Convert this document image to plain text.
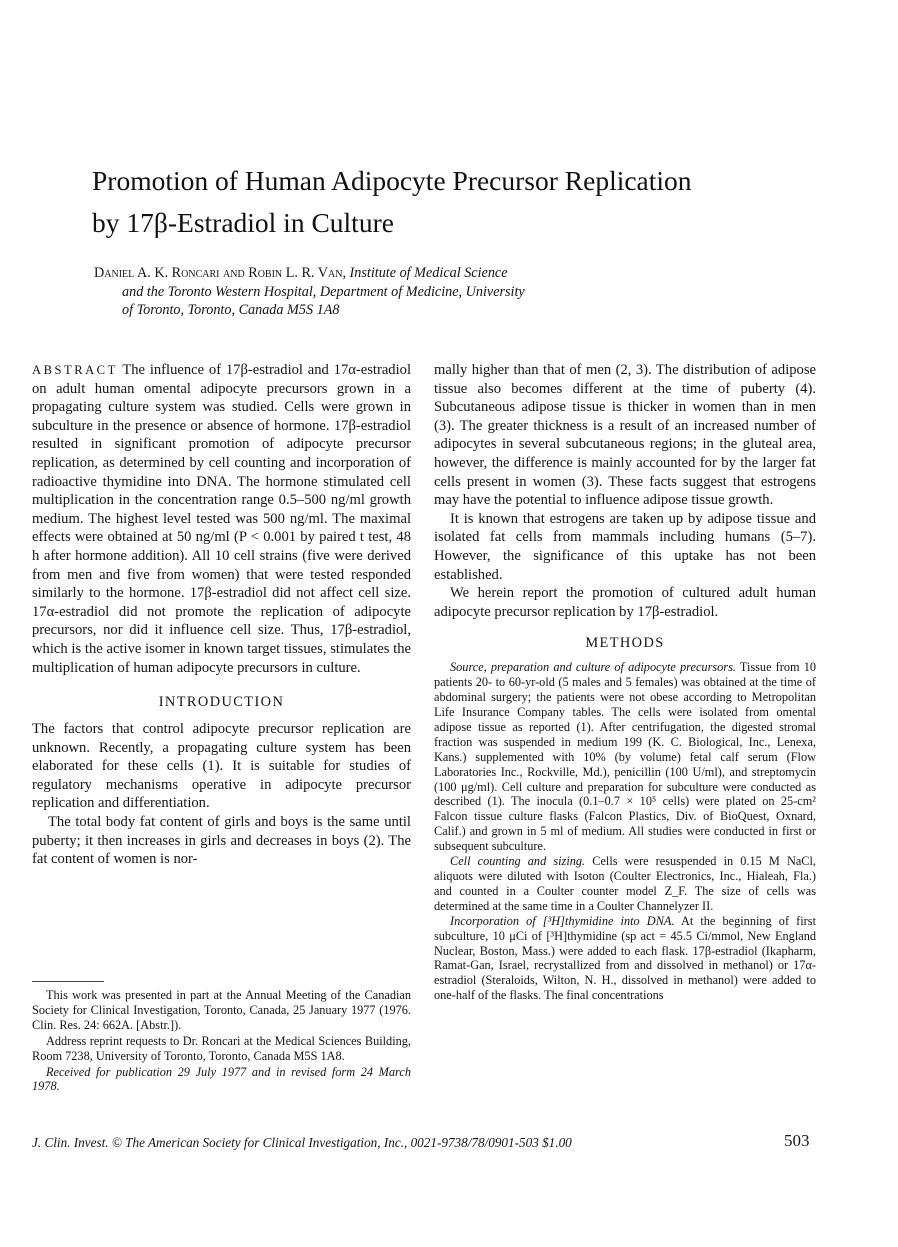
Promotion of Human Adipocyte Precursor Replication
by 17β-Estradiol in Culture
Daniel A. K. Roncari and Robin L. R. Van, Institute of Medical Science
and the Toronto Western Hospital, Department of Medicine, University
of Toronto, Toronto, Canada M5S 1A8

ABSTRACT The influence of 17β-estradiol and 17α-estradiol on adult human omental adipocyte precursors grown in a propagating culture system was studied. Cells were grown in subculture in the presence or absence of hormone. 17β-estradiol resulted in significant promotion of adipocyte precursor replication, as determined by cell counting and incorporation of radioactive thymidine into DNA. The hormone stimulated cell multiplication in the concentration range 0.5–500 ng/ml growth medium. The highest level tested was 500 ng/ml. The maximal effects were obtained at 50 ng/ml (P < 0.001 by paired t test, 48 h after hormone addition). All 10 cell strains (five were derived from men and five from women) that were tested responded similarly to the hormone. 17β-estradiol did not affect cell size. 17α-estradiol did not promote the replication of adipocyte precursors, nor did it influence cell size. Thus, 17β-estradiol, which is the active isomer in known target tissues, stimulates the multiplication of human adipocyte precursors in culture.

INTRODUCTION

The factors that control adipocyte precursor replication are unknown. Recently, a propagating culture system has been elaborated for these cells (1). It is suitable for studies of regulatory mechanisms operative in adipocyte precursor replication and differentiation.

The total body fat content of girls and boys is the same until puberty; it then increases in girls and decreases in boys (2). The fat content of women is nor-

This work was presented in part at the Annual Meeting of the Canadian Society for Clinical Investigation, Toronto, Canada, 25 January 1977 (1976. Clin. Res. 24: 662A. [Abstr.]).

Address reprint requests to Dr. Roncari at the Medical Sciences Building, Room 7238, University of Toronto, Toronto, Canada M5S 1A8.

Received for publication 29 July 1977 and in revised form 24 March 1978.

mally higher than that of men (2, 3). The distribution of adipose tissue also becomes different at the time of puberty (4). Subcutaneous adipose tissue is thicker in women than in men (3). The greater thickness is a result of an increased number of adipocytes in several subcutaneous regions; in the gluteal area, however, the difference is mainly accounted for by the larger fat cells present in women (3). These facts suggest that estrogens may have the potential to influence adipose tissue growth.

It is known that estrogens are taken up by adipose tissue and isolated fat cells from mammals including humans (5–7). However, the significance of this uptake has not been established.

We herein report the promotion of cultured adult human adipocyte precursor replication by 17β-estradiol.

METHODS

Source, preparation and culture of adipocyte precursors. Tissue from 10 patients 20- to 60-yr-old (5 males and 5 females) was obtained at the time of abdominal surgery; the patients were not obese according to Metropolitan Life Insurance Company tables. The cells were isolated from omental adipose tissue as reported (1). After centrifugation, the digested stromal fraction was suspended in medium 199 (K. C. Biological, Inc., Lenexa, Kans.) supplemented with 10% (by volume) fetal calf serum (Flow Laboratories Inc., Rockville, Md.), penicillin (100 U/ml), and streptomycin (100 μg/ml). Cell culture and preparation for subculture were conducted as described (1). The inocula (0.1–0.7 × 10⁵ cells) were plated on 25-cm² Falcon tissue culture flasks (Falcon Plastics, Div. of BioQuest, Oxnard, Calif.) and grown in 5 ml of medium. All studies were conducted in first or subsequent subculture.

Cell counting and sizing. Cells were resuspended in 0.15 M NaCl, aliquots were diluted with Isoton (Coulter Electronics, Inc., Hialeah, Fla.) and counted in a Coulter counter model Z_F. The size of cells was determined at the same time in a Coulter Channelyzer II.

Incorporation of [³H]thymidine into DNA. At the beginning of first subculture, 10 μCi of [³H]thymidine (sp act = 45.5 Ci/mmol, New England Nuclear, Boston, Mass.) were added to each flask. 17β-estradiol (Ikapharm, Ramat-Gan, Israel, recrystallized from and dissolved in methanol) or 17α-estradiol (Steraloids, Wilton, N. H., dissolved in methanol) were added to one-half of the flasks. The final concentrations

J. Clin. Invest. © The American Society for Clinical Investigation, Inc., 0021-9738/78/0901-503 $1.00	503
